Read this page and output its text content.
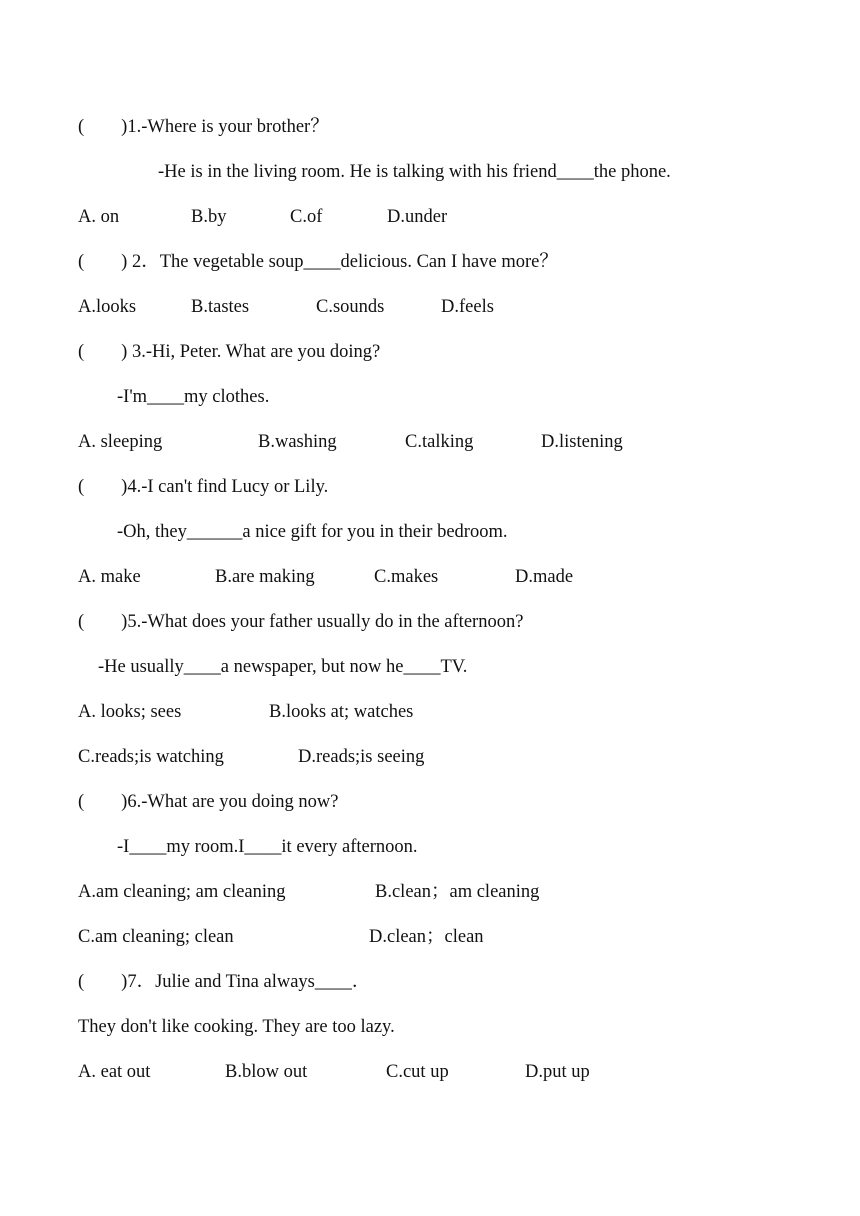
(        )1.-Where is your brother？

-He is in the living room. He is talking with his friend____the phone.

A. on

	B.by

	C.of

	D.under

(        ) 2．The vegetable soup____delicious. Can I have more？

A.looks

	B.tastes

	C.sounds

	D.feels

(        ) 3.-Hi, Peter. What are you doing?

-I'm____my clothes.

A. sleeping

	B.washing

	C.talking

	D.listening

(        )4.-I can't find Lucy or Lily.

-Oh, they______a nice gift for you in their bedroom.

A. make

	B.are making

	C.makes

	D.made

(        )5.-What does your father usually do in the afternoon?

-He usually____a newspaper, but now he____TV.

A. looks; sees

	B.looks at; watches

C.reads;is watching

	D.reads;is seeing

(        )6.-What are you doing now?

-I____my room.I____it every afternoon.

A.am cleaning; am cleaning

	B.clean；am cleaning

C.am cleaning; clean

	D.clean；clean

(        )7．Julie and Tina always____．

They don't like cooking. They are too lazy.

A. eat out

	B.blow out

	C.cut up

	D.put up
